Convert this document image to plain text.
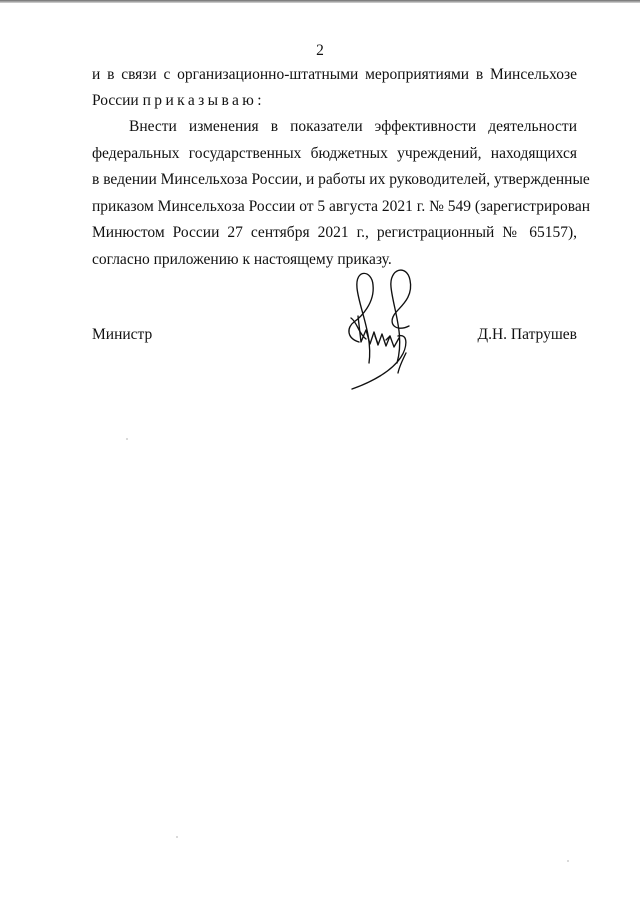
2
и в связи с организационно-штатными мероприятиями в Минсельхозе
России приказываю:
Внести изменения в показатели эффективности деятельности
федеральных государственных бюджетных учреждений, находящихся
в ведении Минсельхоза России, и работы их руководителей, утвержденные
приказом Минсельхоза России от 5 августа 2021 г. № 549 (зарегистрирован
Минюстом России 27 сентября 2021 г., регистрационный № 65157),
согласно приложению к настоящему приказу.
Министр	Д.Н. Патрушев
